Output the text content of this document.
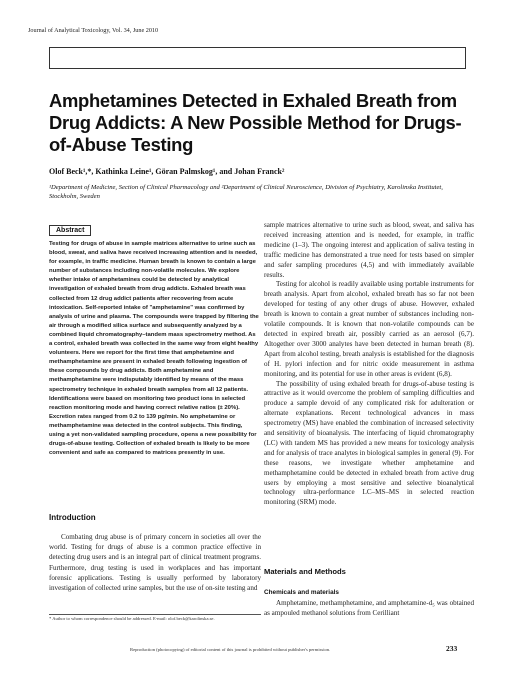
Journal of Analytical Toxicology, Vol. 34, June 2010
Amphetamines Detected in Exhaled Breath from Drug Addicts: A New Possible Method for Drugs-of-Abuse Testing
Olof Beck¹,*, Kathinka Leine¹, Göran Palmskog¹, and Johan Franck²
¹Department of Medicine, Section of Clinical Pharmacology and ²Department of Clinical Neuroscience, Division of Psychiatry, Karolinska Institutet, Stockholm, Sweden
Abstract

Testing for drugs of abuse in sample matrices alternative to urine such as blood, sweat, and saliva have received increasing attention and is needed, for example, in traffic medicine. Human breath is known to contain a large number of substances including non-volatile molecules. We explore whether intake of amphetamines could be detected by analytical investigation of exhaled breath from drug addicts. Exhaled breath was collected from 12 drug addict patients after recovering from acute intoxication. Self-reported intake of "amphetamine" was confirmed by analysis of urine and plasma. The compounds were trapped by filtering the air through a modified silica surface and subsequently analyzed by a combined liquid chromatography–tandem mass spectrometry method. As a control, exhaled breath was collected in the same way from eight healthy volunteers. Here we report for the first time that amphetamine and methamphetamine are present in exhaled breath following ingestion of these compounds by drug addicts. Both amphetamine and methamphetamine were indisputably identified by means of the mass spectrometry technique in exhaled breath samples from all 12 patients. Identifications were based on monitoring two product ions in selected reaction monitoring mode and having correct relative ratios (± 20%). Excretion rates ranged from 0.2 to 139 pg/min. No amphetamine or methamphetamine was detected in the control subjects. This finding, using a yet non-validated sampling procedure, opens a new possibility for drugs-of-abuse testing. Collection of exhaled breath is likely to be more convenient and safe as compared to matrices presently in use.

Introduction

Combating drug abuse is of primary concern in societies all over the world. Testing for drugs of abuse is a common practice effective in detecting drug users and is an integral part of clinical treatment programs. Furthermore, drug testing is used in workplaces and has important forensic applications. Testing is usually performed by laboratory investigation of collected urine samples, but the use of on-site testing and

* Author to whom correspondence should be addressed. E-mail: olof.beck@karolinska.se.

sample matrices alternative to urine such as blood, sweat, and saliva has received increasing attention and is needed, for example, in traffic medicine (1–3). The ongoing interest and application of saliva testing in traffic medicine has demonstrated a true need for tests based on simpler and safer sampling procedures (4,5) and with immediately available results.

Testing for alcohol is readily available using portable instruments for breath analysis. Apart from alcohol, exhaled breath has so far not been developed for testing of any other drugs of abuse. However, exhaled breath is known to contain a great number of substances including non-volatile compounds. It is known that non-volatile compounds can be detected in expired breath air, possibly carried as an aerosol (6,7). Altogether over 3000 analytes have been detected in human breath (8). Apart from alcohol testing, breath analysis is established for the diagnosis of H. pylori infection and for nitric oxide measurement in asthma monitoring, and its potential for use in other areas is evident (6,8).

The possibility of using exhaled breath for drugs-of-abuse testing is attractive as it would overcome the problem of sampling difficulties and produce a sample devoid of any complicated risk for adulteration or alternate explanations. Recent technological advances in mass spectrometry (MS) have enabled the combination of increased selectivity and sensitivity of bioanalysis. The interfacing of liquid chromatography (LC) with tandem MS has provided a new means for toxicology analysis and for analysis of trace analytes in biological samples in general (9). For these reasons, we investigate whether amphetamine and methamphetamine could be detected in exhaled breath from active drug users by employing a most sensitive and selective bioanalytical technology ultra-performance LC–MS–MS in selected reaction monitoring (SRM) mode.

Materials and Methods
Chemicals and materials

Amphetamine, methamphetamine, and amphetamine-d₅ was obtained as ampouled methanol solutions from Cerilliant

Reproduction (photocopying) of editorial content of this journal is prohibited without publisher's permission.	233
